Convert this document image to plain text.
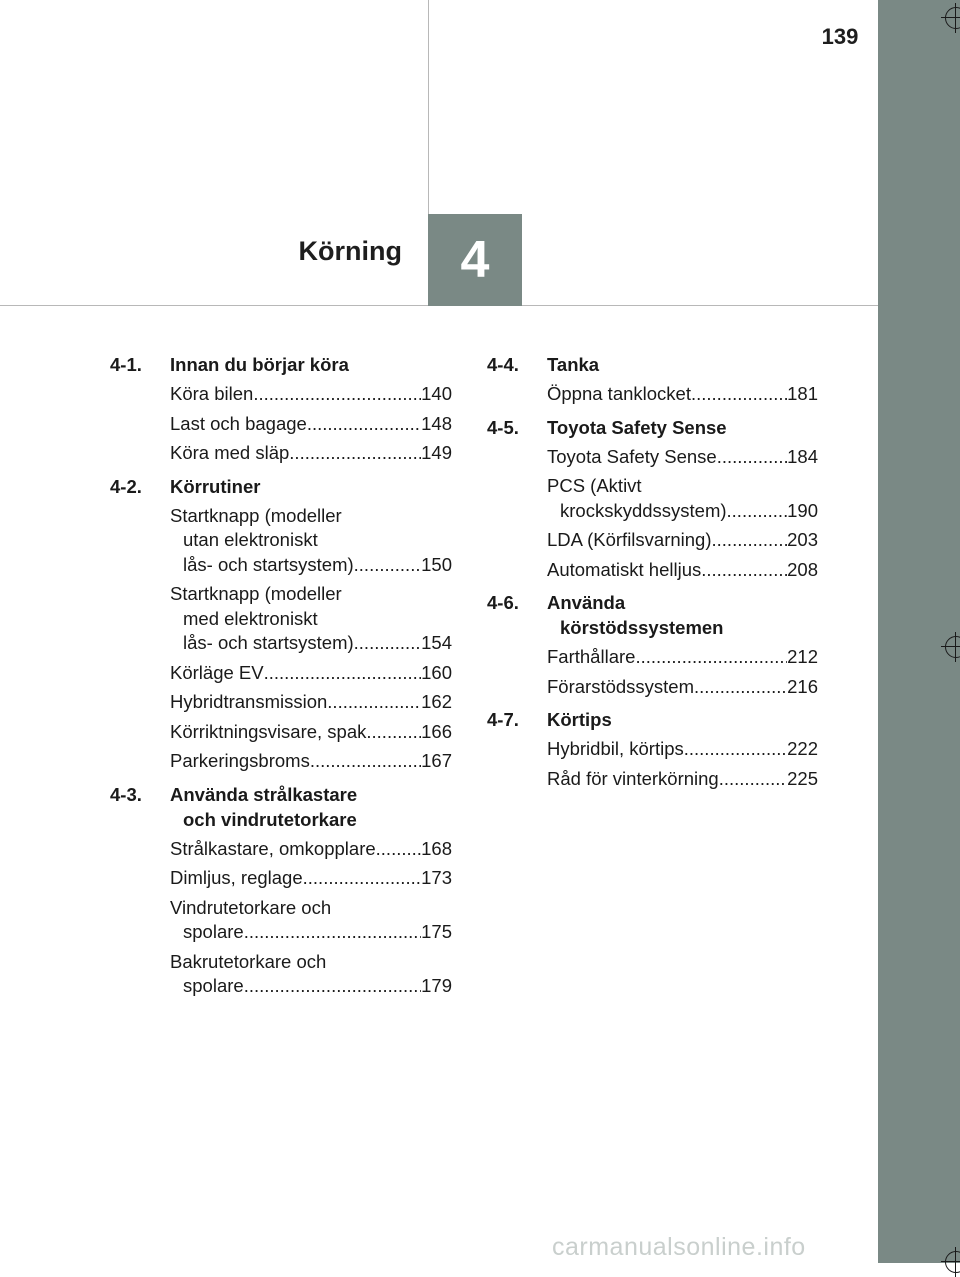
139
Körning	4
4-1.	Innan du börjar köra
Köra bilen .....	140
Last och bagage .....	148
Köra med släp .....	149
4-2.	Körrutiner
Startknapp (modeller
utan elektroniskt
lås- och startsystem) .....	150
Startknapp (modeller
med elektroniskt
lås- och startsystem) .....	154
Körläge EV .....	160
Hybridtransmission .....	162
Körriktningsvisare, spak .....	166
Parkeringsbroms .....	167
4-3.	Använda strålkastare
och vindrutetorkare
Strålkastare, omkopplare ..... 168
Dimljus, reglage .....	173
Vindrutetorkare och
spolare .....	175
Bakrutetorkare och
spolare .....	179
4-4.	Tanka
Öppna tanklocket .....	181
4-5.	Toyota Safety Sense
Toyota Safety Sense .....	184
PCS (Aktivt
krockskyddssystem) .....	190
LDA (Körfilsvarning) .....	203
Automatiskt helljus .....	208
4-6.	Använda
körstödssystemen
Farthållare .....	212
Förarstödssystem .....	216
4-7.	Körtips
Hybridbil, körtips .....	222
Råd för vinterkörning .....	225
carmanualsonline.info
